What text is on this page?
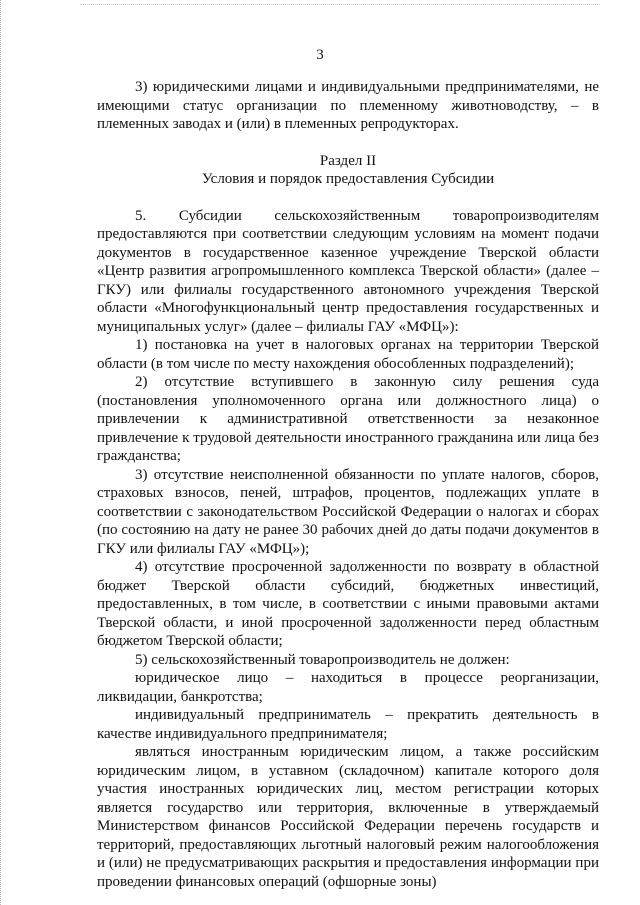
3

3) юридическими лицами и индивидуальными предпринимателями, не имеющими статус организации по племенному животноводству, – в племенных заводах и (или) в племенных репродукторах.

Раздел II

Условия и порядок предоставления Субсидии

5. Субсидии сельскохозяйственным товаропроизводителям предоставляются при соответствии следующим условиям на момент подачи документов в государственное казенное учреждение Тверской области «Центр развития агропромышленного комплекса Тверской области» (далее – ГКУ) или филиалы государственного автономного учреждения Тверской области «Многофункциональный центр предоставления государственных и муниципальных услуг» (далее – филиалы ГАУ «МФЦ»):

1) постановка на учет в налоговых органах на территории Тверской области (в том числе по месту нахождения обособленных подразделений);

2) отсутствие вступившего в законную силу решения суда (постановления уполномоченного органа или должностного лица) о привлечении к административной ответственности за незаконное привлечение к трудовой деятельности иностранного гражданина или лица без гражданства;

3) отсутствие неисполненной обязанности по уплате налогов, сборов, страховых взносов, пеней, штрафов, процентов, подлежащих уплате в соответствии с законодательством Российской Федерации о налогах и сборах (по состоянию на дату не ранее 30 рабочих дней до даты подачи документов в ГКУ или филиалы ГАУ «МФЦ»);

4) отсутствие просроченной задолженности по возврату в областной бюджет Тверской области субсидий, бюджетных инвестиций, предоставленных, в том числе, в соответствии с иными правовыми актами Тверской области, и иной просроченной задолженности перед областным бюджетом Тверской области;

5) сельскохозяйственный товаропроизводитель не должен:

юридическое лицо – находиться в процессе реорганизации, ликвидации, банкротства;

индивидуальный предприниматель – прекратить деятельность в качестве индивидуального предпринимателя;

являться иностранным юридическим лицом, а также российским юридическим лицом, в уставном (складочном) капитале которого доля участия иностранных юридических лиц, местом регистрации которых является государство или территория, включенные в утверждаемый Министерством финансов Российской Федерации перечень государств и территорий, предоставляющих льготный налоговый режим налогообложения и (или) не предусматривающих раскрытия и предоставления информации при проведении финансовых операций (офшорные зоны)
